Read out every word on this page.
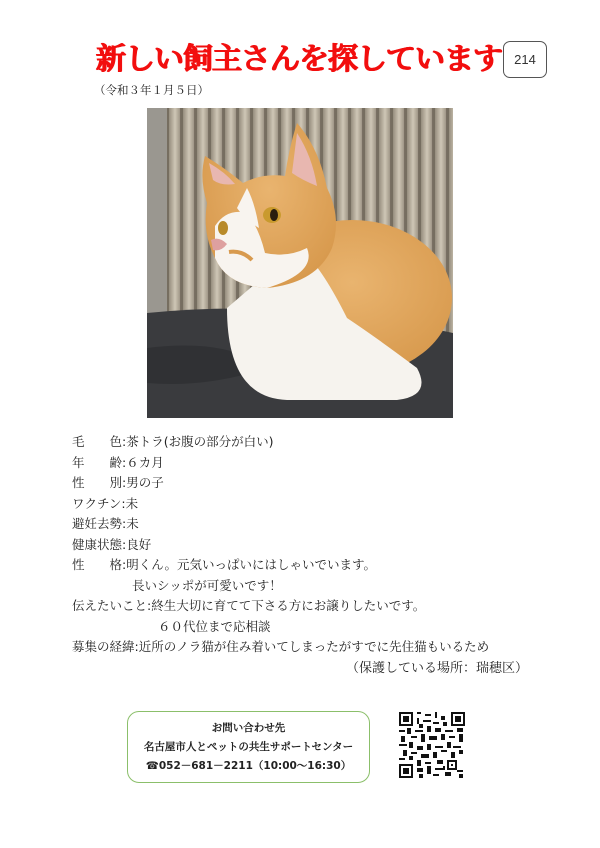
新しい飼主さんを探しています 214
（令和３年１月５日）
毛 色 : 茶トラ(お腹の部分が白い)
年 齢 : ６カ月
性 別 : 男の子
ワクチン : 未
避妊去勢 : 未
健康状態 : 良好
性 格 : 明くん。元気いっぱいにはしゃいでいます。
長いシッポが可愛いです！
伝えたいこと : 終生大切に育てて下さる方にお譲りしたいです。
６０代位まで応相談
募集の経緯 : 近所のノラ猫が住み着いてしまったがすでに先住猫もいるため
（保護している場所：瑞穂区）
お問い合わせ先
名古屋市人とペットの共生サポートセンター
☎052－681－2211（10:00～16:30）
